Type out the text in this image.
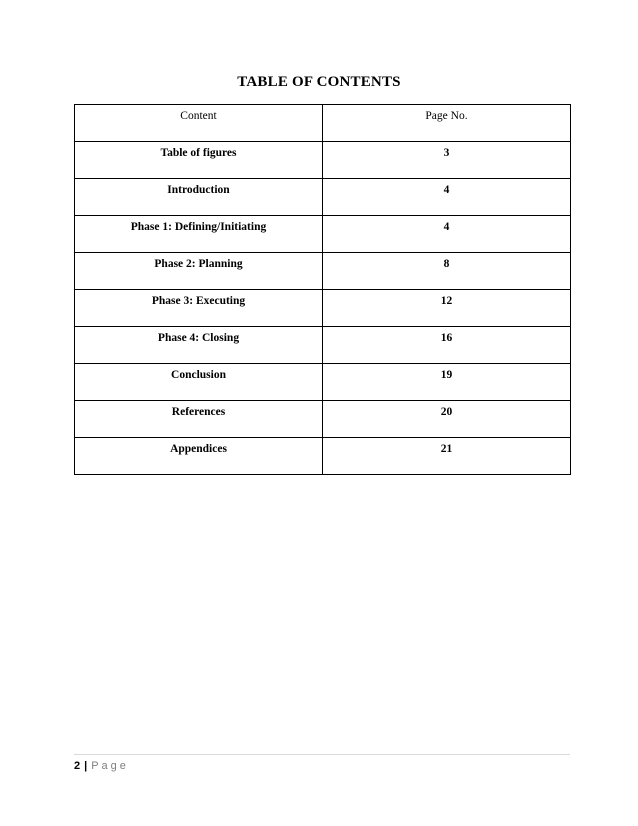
TABLE OF CONTENTS
Content	Page No.
Table of figures	3
Introduction	4
Phase 1: Defining/Initiating	4
Phase 2: Planning	8
Phase 3: Executing	12
Phase 4: Closing	16
Conclusion	19
References	20
Appendices	21
2 | Page
